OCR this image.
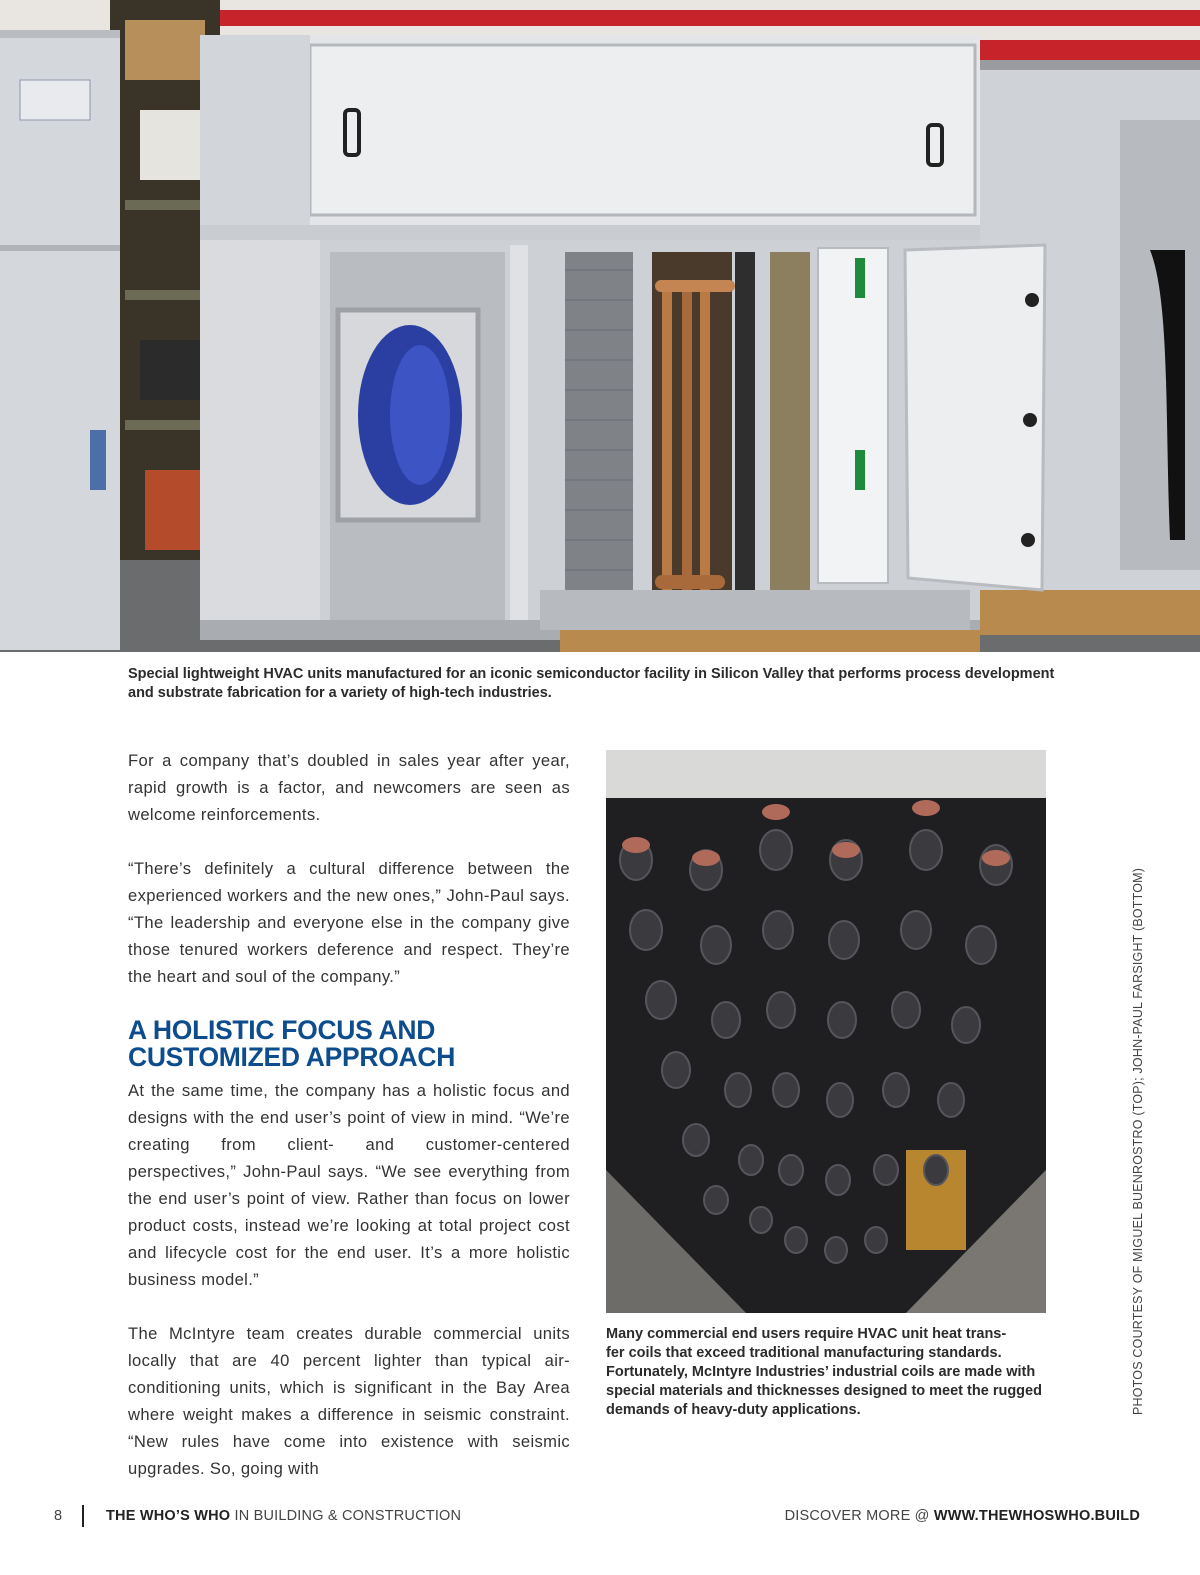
Special lightweight HVAC units manufactured for an iconic semiconductor facility in Silicon Valley that performs process development and substrate fabrication for a variety of high-tech industries.

For a company that’s doubled in sales year after year, rapid growth is a factor, and newcomers are seen as welcome reinforcements.

“There’s definitely a cultural difference between the experienced workers and the new ones,” John-Paul says. “The leadership and everyone else in the company give those tenured workers deference and respect. They’re the heart and soul of the company.”

A HOLISTIC FOCUS AND
CUSTOMIZED APPROACH

At the same time, the company has a holistic focus and designs with the end user’s point of view in mind. “We’re creating from client- and customer-centered perspectives,” John-Paul says. “We see everything from the end user’s point of view. Rather than focus on lower product costs, instead we’re looking at total project cost and lifecycle cost for the end user. It’s a more holistic business model.”

The McIntyre team creates durable commercial units locally that are 40 percent lighter than typical air-conditioning units, which is significant in the Bay Area where weight makes a difference in seismic constraint. “New rules have come into existence with seismic upgrades. So, going with

Many commercial end users require HVAC unit heat trans-
fer coils that exceed traditional manufacturing standards.
Fortunately, McIntyre Industries’ industrial coils are made with
special materials and thicknesses designed to meet the rugged
demands of heavy-duty applications.	PHOTOS COURTESY OF MIGUEL BUENROSTRO (TOP); JOHN-PAUL FARSIGHT (BOTTOM)
8	THE WHO’S WHO IN BUILDING & CONSTRUCTION	DISCOVER MORE @ WWW.THEWHOSWHO.BUILD
